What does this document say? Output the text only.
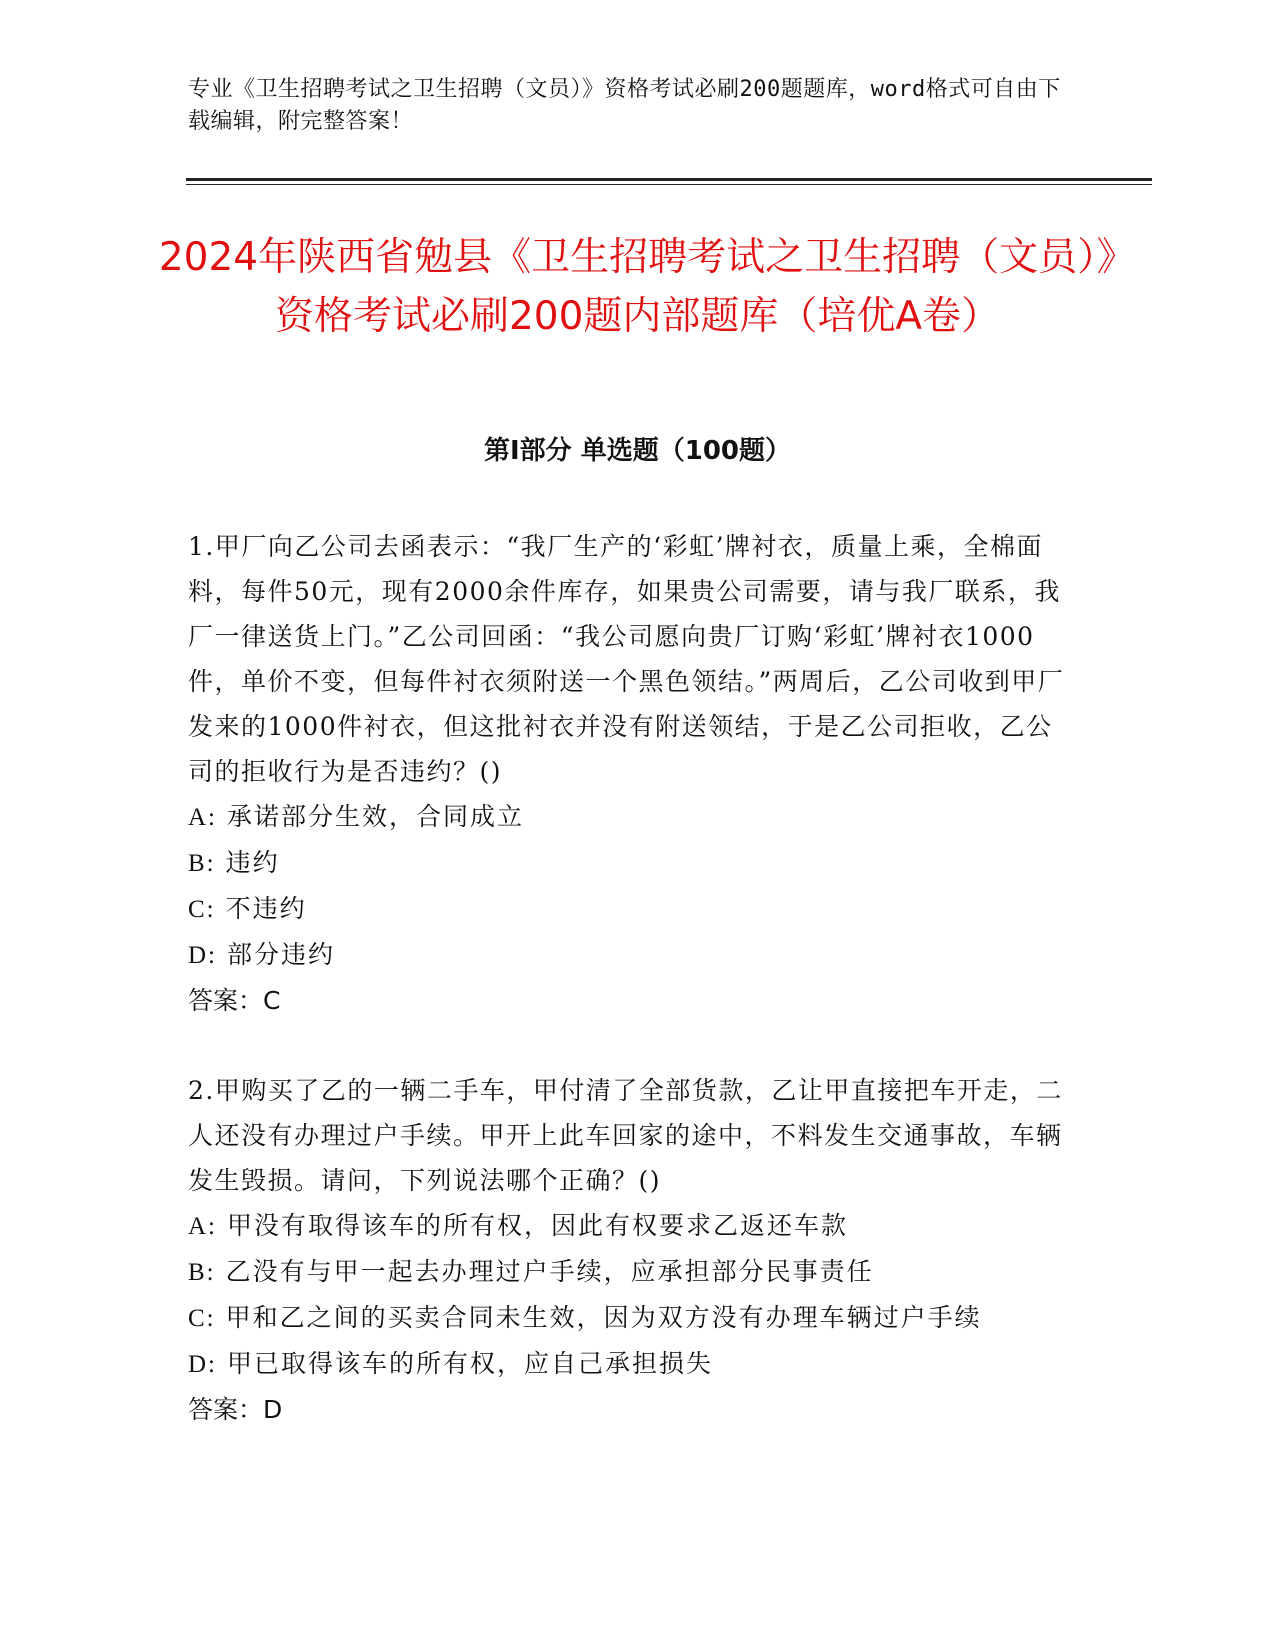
专业《卫生招聘考试之卫生招聘（文员）》资格考试必刷200题题库，word格式可自由下载编辑，附完整答案！
2024年陕西省勉县《卫生招聘考试之卫生招聘（文员）》资格考试必刷200题内部题库（培优A卷）
第Ⅰ部分 单选题（100题）

1.甲厂向乙公司去函表示：“我厂生产的‘彩虹’牌衬衣，质量上乘，全棉面料，每件50元，现有2000余件库存，如果贵公司需要，请与我厂联系，我厂一律送货上门。”乙公司回函：“我公司愿向贵厂订购‘彩虹’牌衬衣1000件，单价不变，但每件衬衣须附送一个黑色领结。”两周后，乙公司收到甲厂发来的1000件衬衣，但这批衬衣并没有附送领结，于是乙公司拒收，乙公司的拒收行为是否违约？()

A: 承诺部分生效，合同成立

B: 违约

C: 不违约

D: 部分违约

答案：C

2.甲购买了乙的一辆二手车，甲付清了全部货款，乙让甲直接把车开走，二人还没有办理过户手续。甲开上此车回家的途中，不料发生交通事故，车辆发生毁损。请问，下列说法哪个正确？()

A: 甲没有取得该车的所有权，因此有权要求乙返还车款

B: 乙没有与甲一起去办理过户手续，应承担部分民事责任

C: 甲和乙之间的买卖合同未生效，因为双方没有办理车辆过户手续

D: 甲已取得该车的所有权，应自己承担损失

答案：D
